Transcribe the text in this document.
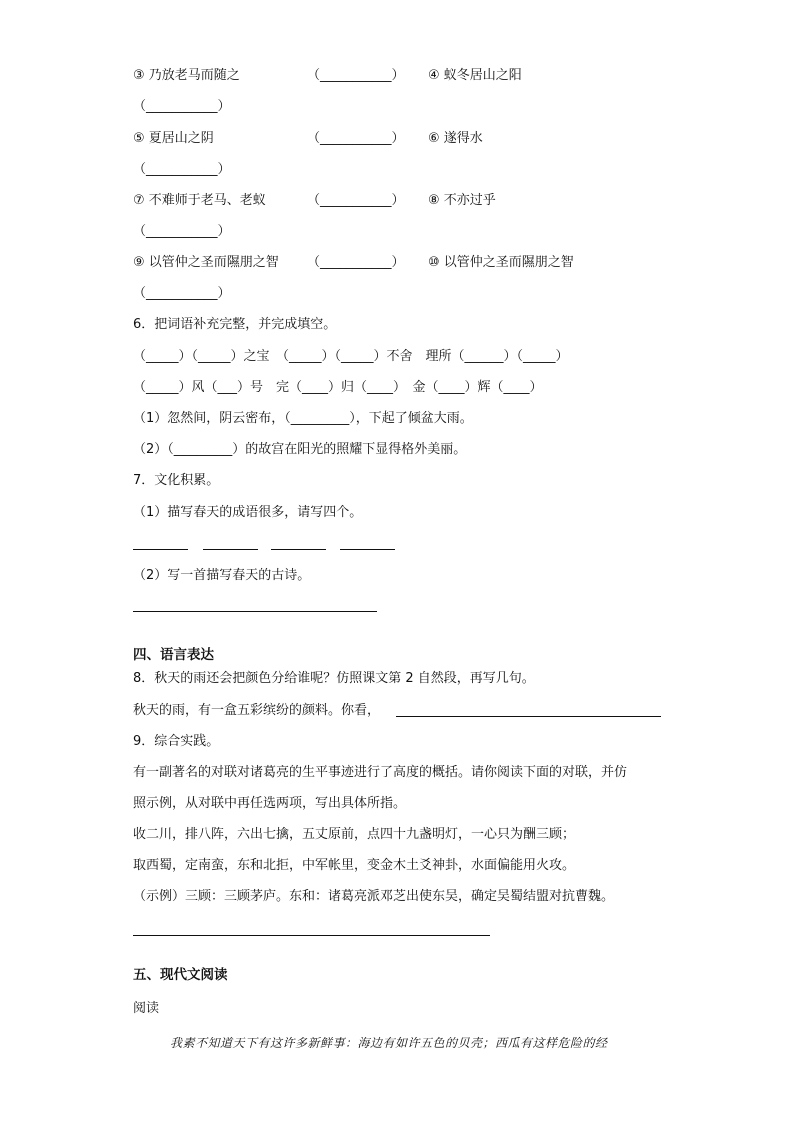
③ 乃放老马而随之	（___________） ④ 蚁冬居山之阳
（___________）
⑤ 夏居山之阴	（___________） ⑥ 遂得水
（___________）
⑦ 不难师于老马、老蚁	（___________） ⑧ 不亦过乎
（___________）
⑨ 以管仲之圣而隰朋之智 （___________） ⑩ 以管仲之圣而隰朋之智
（___________）
6．把词语补充完整，并完成填空。
（_____）（_____）之宝　（_____）（_____）不舍　理所（______）（_____）
（_____）风（___）号　完（____）归（____）　金（____）辉（____）
（1）忽然间，阴云密布，（_________），下起了倾盆大雨。
（2）（_________）的故宫在阳光的照耀下显得格外美丽。
7．文化积累。
（1）描写春天的成语很多，请写四个。
（2）写一首描写春天的古诗。
四、语言表达
8．秋天的雨还会把颜色分给谁呢？仿照课文第 2 自然段，再写几句。
秋天的雨，有一盒五彩缤纷的颜料。你看，
9．综合实践。
有一副著名的对联对诸葛亮的生平事迹进行了高度的概括。请你阅读下面的对联，并仿
照示例，从对联中再任选两项，写出具体所指。
收二川，排八阵，六出七擒，五丈原前，点四十九盏明灯，一心只为酬三顾；
取西蜀，定南蛮，东和北拒，中军帐里，变金木土爻神卦，水面偏能用火攻。
（示例）三顾：三顾茅庐。东和：诸葛亮派邓芝出使东吴，确定吴蜀结盟对抗曹魏。
五、现代文阅读
阅读
我素不知道天下有这许多新鲜事：海边有如许五色的贝壳；西瓜有这样危险的经
